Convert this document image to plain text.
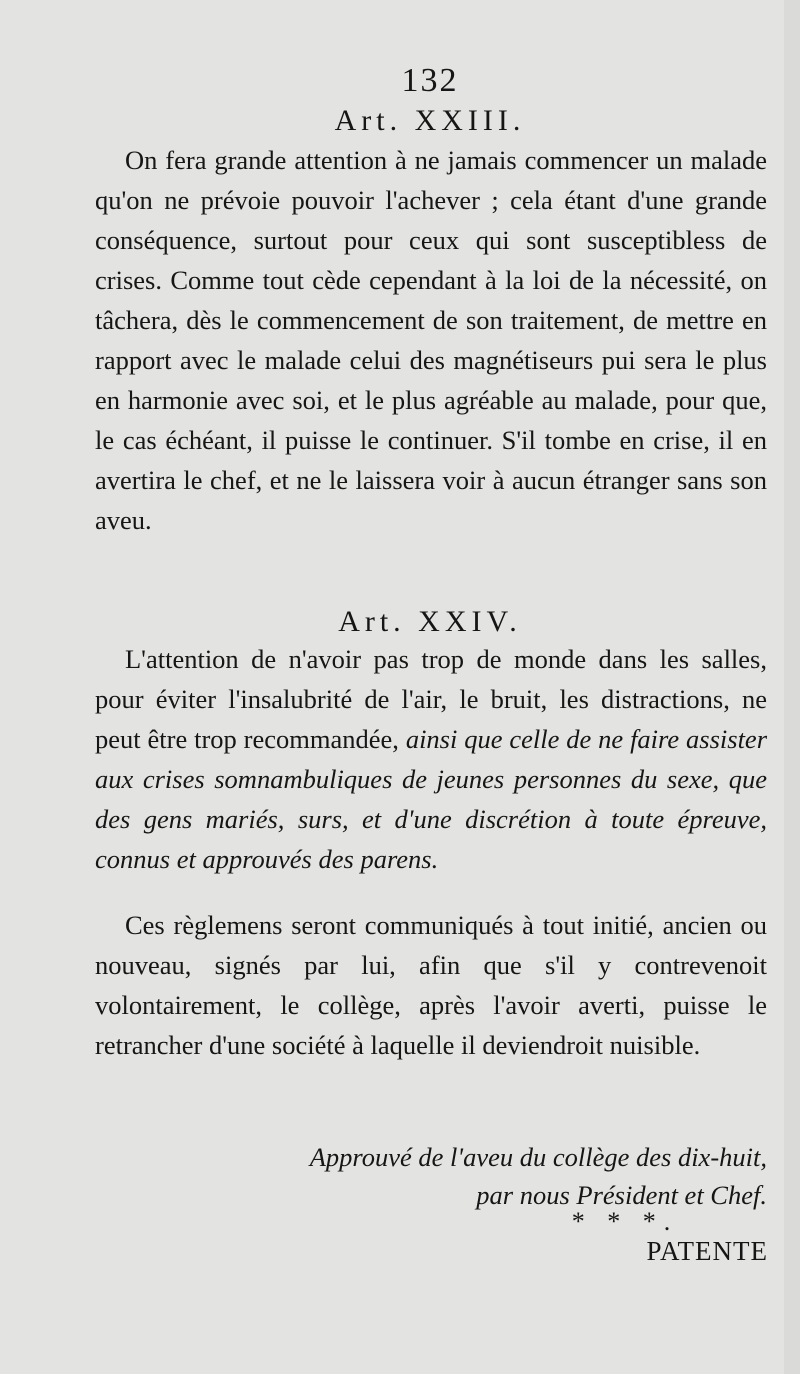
132
Art. XXIII.
On fera grande attention à ne jamais commencer un malade qu'on ne prévoie pouvoir l'achever ; cela étant d'une grande conséquence, surtout pour ceux qui sont susceptibless de crises. Comme tout cède cependant à la loi de la nécessité, on tâchera, dès le commencement de son traitement, de mettre en rapport avec le malade celui des magnétiseurs pui sera le plus en harmonie avec soi, et le plus agréable au malade, pour que, le cas échéant, il puisse le continuer. S'il tombe en crise, il en avertira le chef, et ne le laissera voir à aucun étranger sans son aveu.
Art. XXIV.
L'attention de n'avoir pas trop de monde dans les salles, pour éviter l'insalubrité de l'air, le bruit, les distractions, ne peut être trop recommandée, ainsi que celle de ne faire assister aux crises somnambuliques de jeunes personnes du sexe, que des gens mariés, surs, et d'une discrétion à toute épreuve, connus et approuvés des parens.
Ces règlemens seront communiqués à tout initié, ancien ou nouveau, signés par lui, afin que s'il y contrevenoit volontairement, le collège, après l'avoir averti, puisse le retrancher d'une société à laquelle il deviendroit nuisible.
Approuvé de l'aveu du collège des dix-huit, par nous Président et Chef.
* * *.
PATENTE
